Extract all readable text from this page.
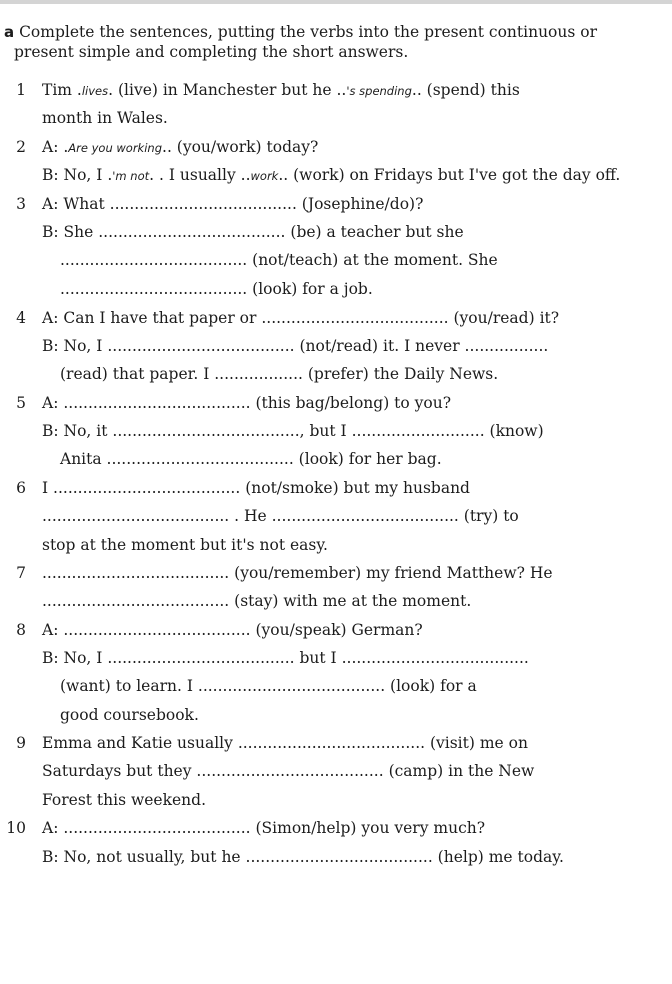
a Complete the sentences, putting the verbs into the present continuous or
present simple and completing the short answers.
1 Tim .lives. (live) in Manchester but he ..'s spending.. (spend) this
month in Wales.
2 A: .Are you working.. (you/work) today?
B: No, I .'m not. . I usually ..work.. (work) on Fridays but I've got the day off.
3 A: What ...................................... (Josephine/do)?
B: She ...................................... (be) a teacher but she
...................................... (not/teach) at the moment. She
...................................... (look) for a job.
4 A: Can I have that paper or ...................................... (you/read) it?
B: No, I ...................................... (not/read) it. I never .................
(read) that paper. I .................. (prefer) the Daily News.
5 A: ...................................... (this bag/belong) to you?
B: No, it ......................................, but I ........................... (know)
Anita ...................................... (look) for her bag.
6 I ...................................... (not/smoke) but my husband
...................................... . He ...................................... (try) to
stop at the moment but it's not easy.
7 ...................................... (you/remember) my friend Matthew? He
...................................... (stay) with me at the moment.
8 A: ...................................... (you/speak) German?
B: No, I ...................................... but I ......................................
(want) to learn. I ...................................... (look) for a
good coursebook.
9 Emma and Katie usually ...................................... (visit) me on
Saturdays but they ...................................... (camp) in the New
Forest this weekend.
10 A: ...................................... (Simon/help) you very much?
B: No, not usually, but he ...................................... (help) me today.
